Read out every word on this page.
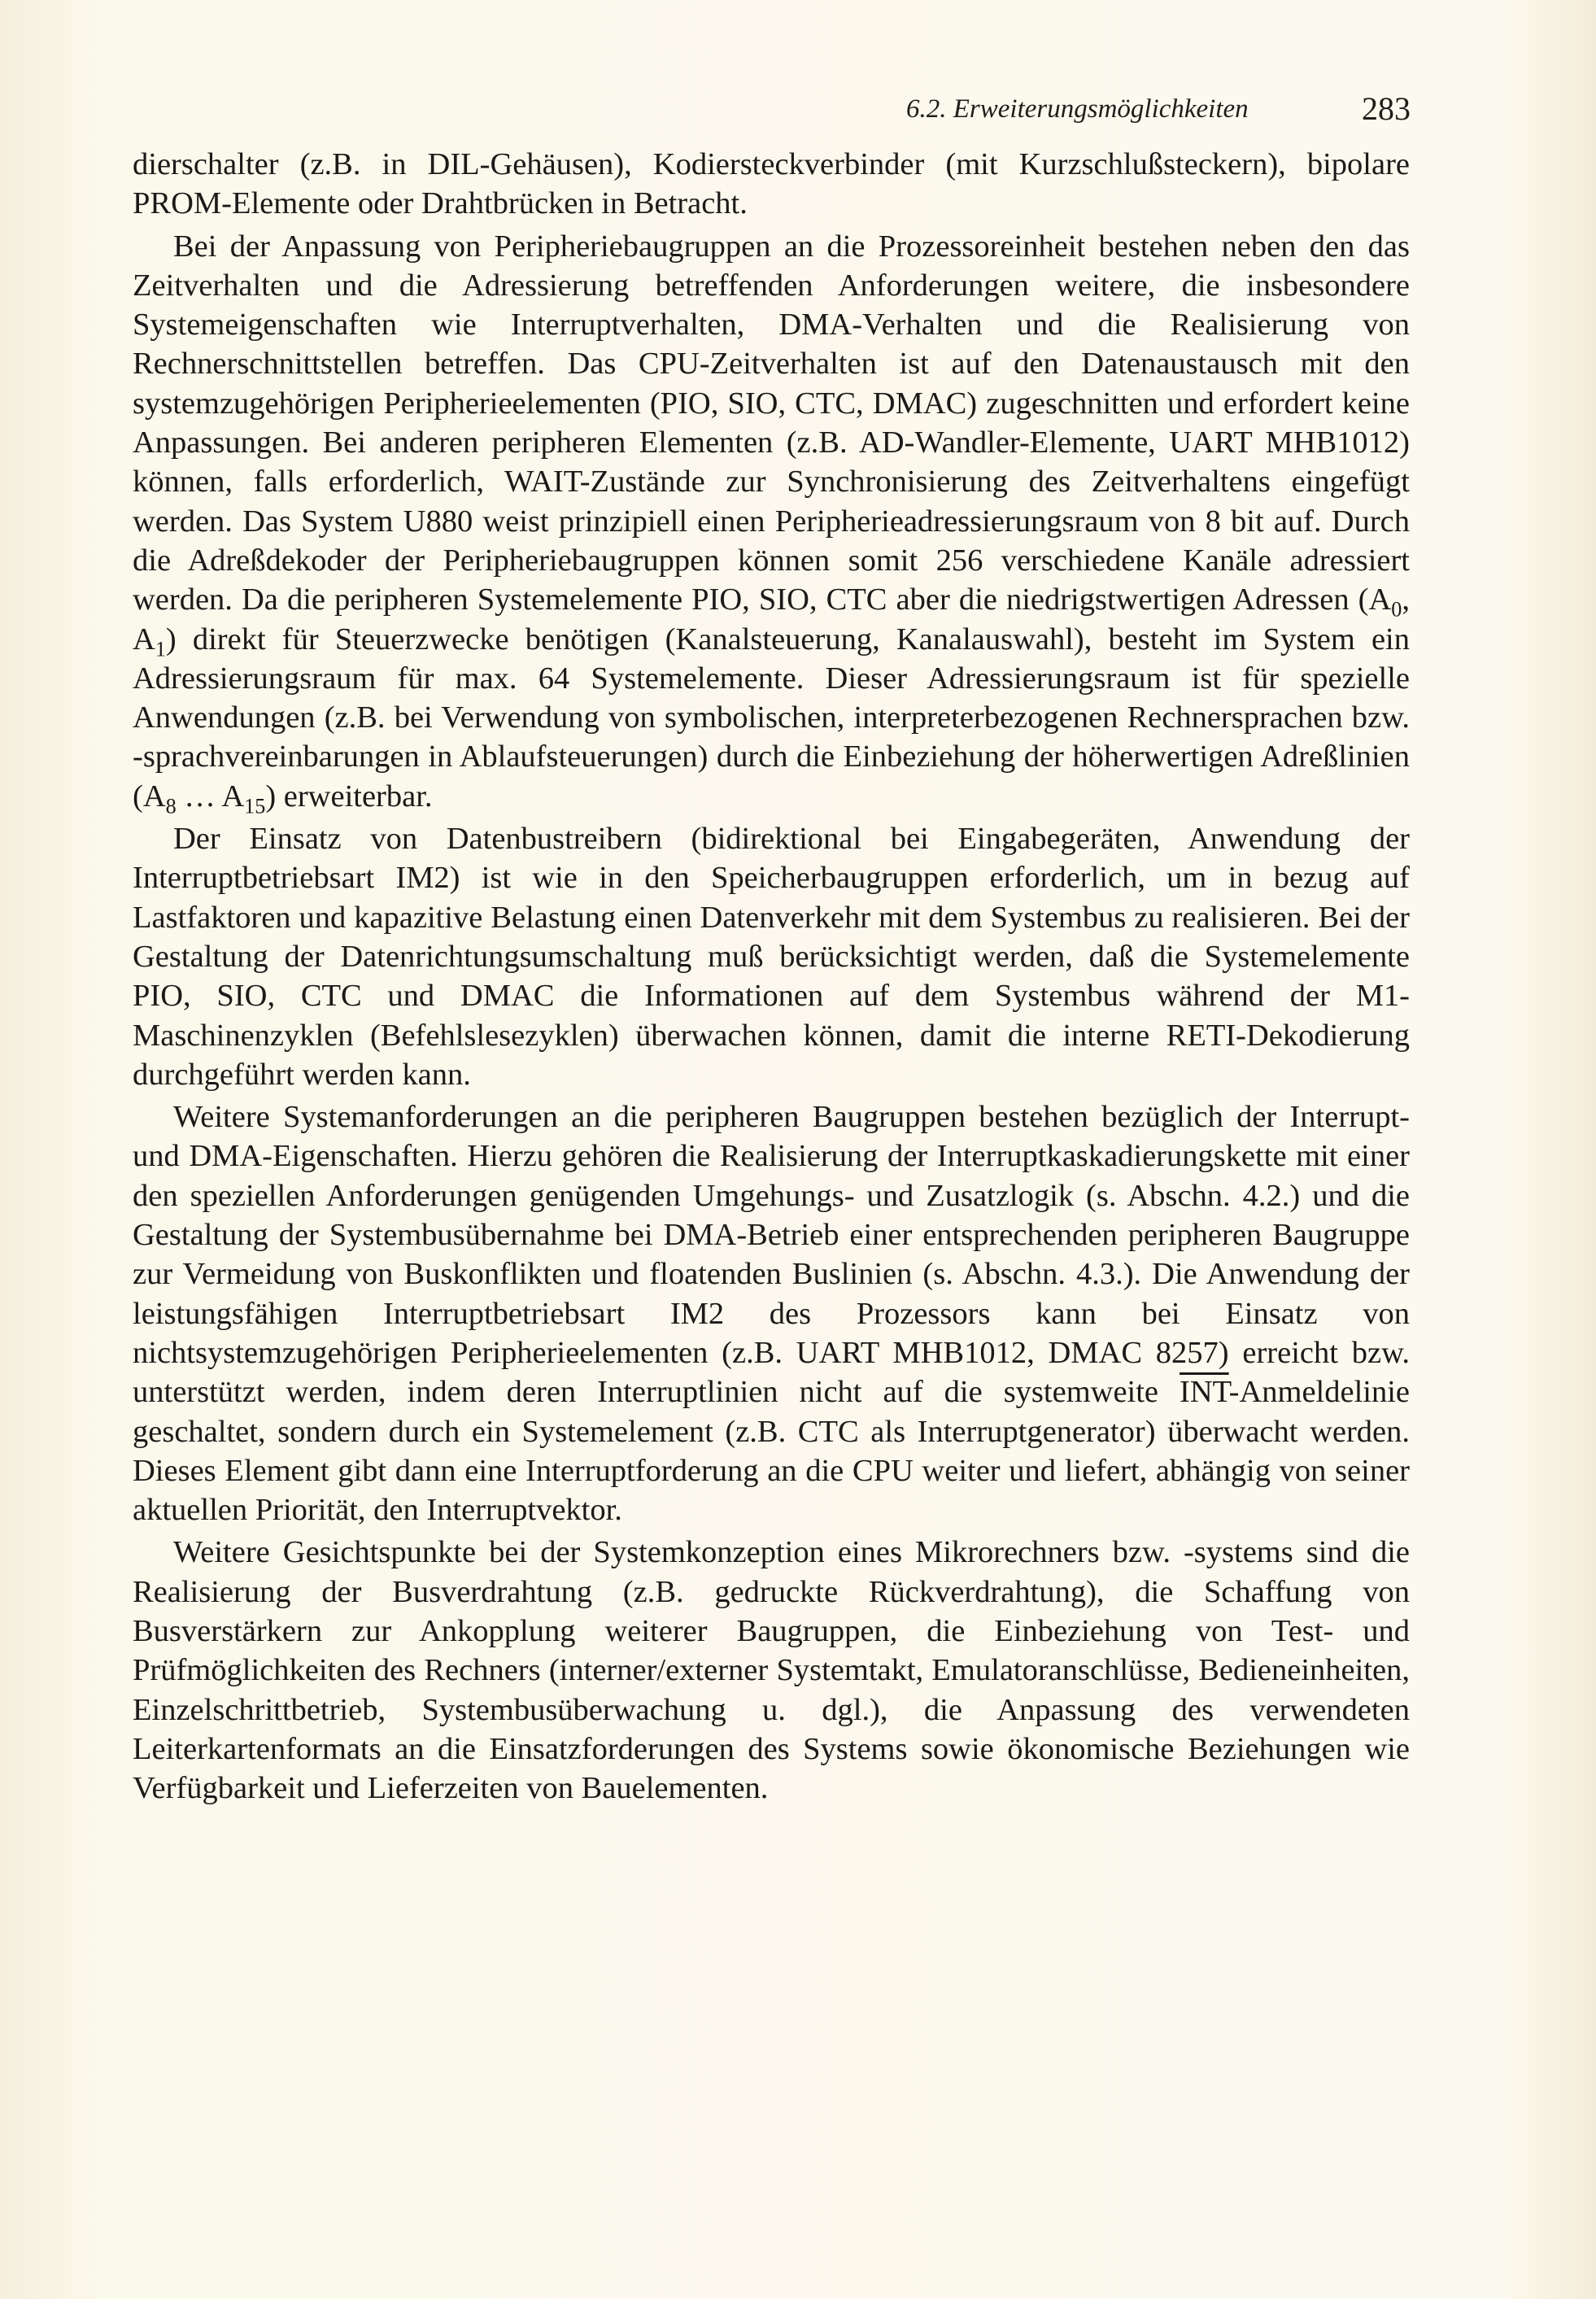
6.2. Erweiterungsmöglichkeiten	283

dierschalter (z.B. in DIL-Gehäusen), Kodiersteckverbinder (mit Kurzschlußsteckern), bipolare PROM-Elemente oder Drahtbrücken in Betracht.

Bei der Anpassung von Peripheriebaugruppen an die Prozessoreinheit bestehen neben den das Zeitverhalten und die Adressierung betreffenden Anforderungen weitere, die insbesondere Systemeigenschaften wie Interruptverhalten, DMA-Verhalten und die Realisierung von Rechnerschnittstellen betreffen. Das CPU-Zeitverhalten ist auf den Datenaustausch mit den systemzugehörigen Peripherieelementen (PIO, SIO, CTC, DMAC) zugeschnitten und erfordert keine Anpassungen. Bei anderen peripheren Elementen (z.B. AD-Wandler-Elemente, UART MHB1012) können, falls erforderlich, WAIT-Zustände zur Synchronisierung des Zeitverhaltens eingefügt werden. Das System U880 weist prinzipiell einen Peripherieadressierungsraum von 8 bit auf. Durch die Adreßdekoder der Peripheriebaugruppen können somit 256 verschiedene Kanäle adressiert werden. Da die peripheren Systemelemente PIO, SIO, CTC aber die niedrigstwertigen Adressen ($A_0$, $A_1$) direkt für Steuerzwecke benötigen (Kanalsteuerung, Kanalauswahl), besteht im System ein Adressierungsraum für max. 64 Systemelemente. Dieser Adressierungsraum ist für spezielle Anwendungen (z.B. bei Verwendung von symbolischen, interpreterbezogenen Rechnersprachen bzw. -sprachvereinbarungen in Ablaufsteuerungen) durch die Einbeziehung der höherwertigen Adreßlinien ($A_8$ … $A_{15}$) erweiterbar.

Der Einsatz von Datenbustreibern (bidirektional bei Eingabegeräten, Anwendung der Interruptbetriebsart IM2) ist wie in den Speicherbaugruppen erforderlich, um in bezug auf Lastfaktoren und kapazitive Belastung einen Datenverkehr mit dem Systembus zu realisieren. Bei der Gestaltung der Datenrichtungsumschaltung muß berücksichtigt werden, daß die Systemelemente PIO, SIO, CTC und DMAC die Informationen auf dem Systembus während der M1-Maschinenzyklen (Befehlslesezyklen) überwachen können, damit die interne RETI-Dekodierung durchgeführt werden kann.

Weitere Systemanforderungen an die peripheren Baugruppen bestehen bezüglich der Interrupt- und DMA-Eigenschaften. Hierzu gehören die Realisierung der Interruptkaskadierungskette mit einer den speziellen Anforderungen genügenden Umgehungs- und Zusatzlogik (s. Abschn. 4.2.) und die Gestaltung der Systembusübernahme bei DMA-Betrieb einer entsprechenden peripheren Baugruppe zur Vermeidung von Buskonflikten und floatenden Buslinien (s. Abschn. 4.3.). Die Anwendung der leistungsfähigen Interruptbetriebsart IM2 des Prozessors kann bei Einsatz von nichtsystemzugehörigen Peripherieelementen (z.B. UART MHB1012, DMAC 8257) erreicht bzw. unterstützt werden, indem deren Interruptlinien nicht auf die systemweite $\overline{INT}$-Anmeldelinie geschaltet, sondern durch ein Systemelement (z.B. CTC als Interruptgenerator) überwacht werden. Dieses Element gibt dann eine Interruptforderung an die CPU weiter und liefert, abhängig von seiner aktuellen Priorität, den Interruptvektor.

Weitere Gesichtspunkte bei der Systemkonzeption eines Mikrorechners bzw. -systems sind die Realisierung der Busverdrahtung (z.B. gedruckte Rückverdrahtung), die Schaffung von Busverstärkern zur Ankopplung weiterer Baugruppen, die Einbeziehung von Test- und Prüfmöglichkeiten des Rechners (interner/externer Systemtakt, Emulatoranschlüsse, Bedieneinheiten, Einzelschrittbetrieb, Systembusüberwachung u. dgl.), die Anpassung des verwendeten Leiterkartenformats an die Einsatzforderungen des Systems sowie ökonomische Beziehungen wie Verfügbarkeit und Lieferzeiten von Bauelementen.
